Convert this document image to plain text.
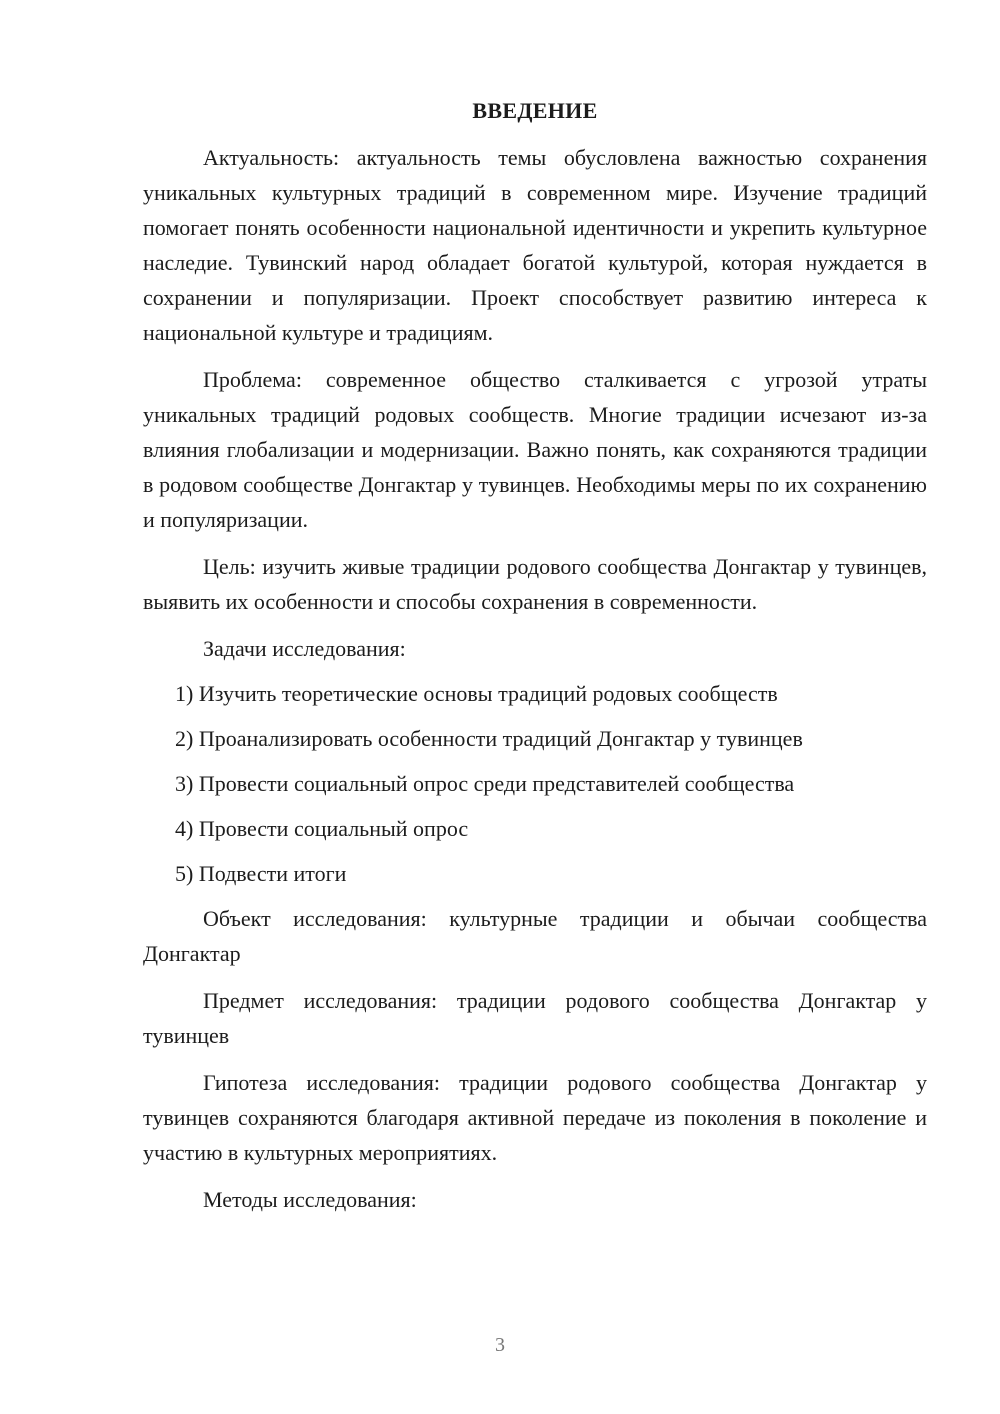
ВВЕДЕНИЕ

Актуальность: актуальность темы обусловлена важностью сохранения уникальных культурных традиций в современном мире. Изучение традиций помогает понять особенности национальной идентичности и укрепить культурное наследие. Тувинский народ обладает богатой культурой, которая нуждается в сохранении и популяризации. Проект способствует развитию интереса к национальной культуре и традициям.

Проблема: современное общество сталкивается с угрозой утраты уникальных традиций родовых сообществ. Многие традиции исчезают из-за влияния глобализации и модернизации. Важно понять, как сохраняются традиции в родовом сообществе Донгактар у тувинцев. Необходимы меры по их сохранению и популяризации.

Цель: изучить живые традиции родового сообщества Донгактар у тувинцев, выявить их особенности и способы сохранения в современности.

Задачи исследования:

1) Изучить теоретические основы традиций родовых сообществ
2) Проанализировать особенности традиций Донгактар у тувинцев
3) Провести социальный опрос среди представителей сообщества
4) Провести социальный опрос
5) Подвести итоги

Объект исследования: культурные традиции и обычаи сообщества Донгактар

Предмет исследования: традиции родового сообщества Донгактар у тувинцев

Гипотеза исследования: традиции родового сообщества Донгактар у тувинцев сохраняются благодаря активной передаче из поколения в поколение и участию в культурных мероприятиях.

Методы исследования:

3
